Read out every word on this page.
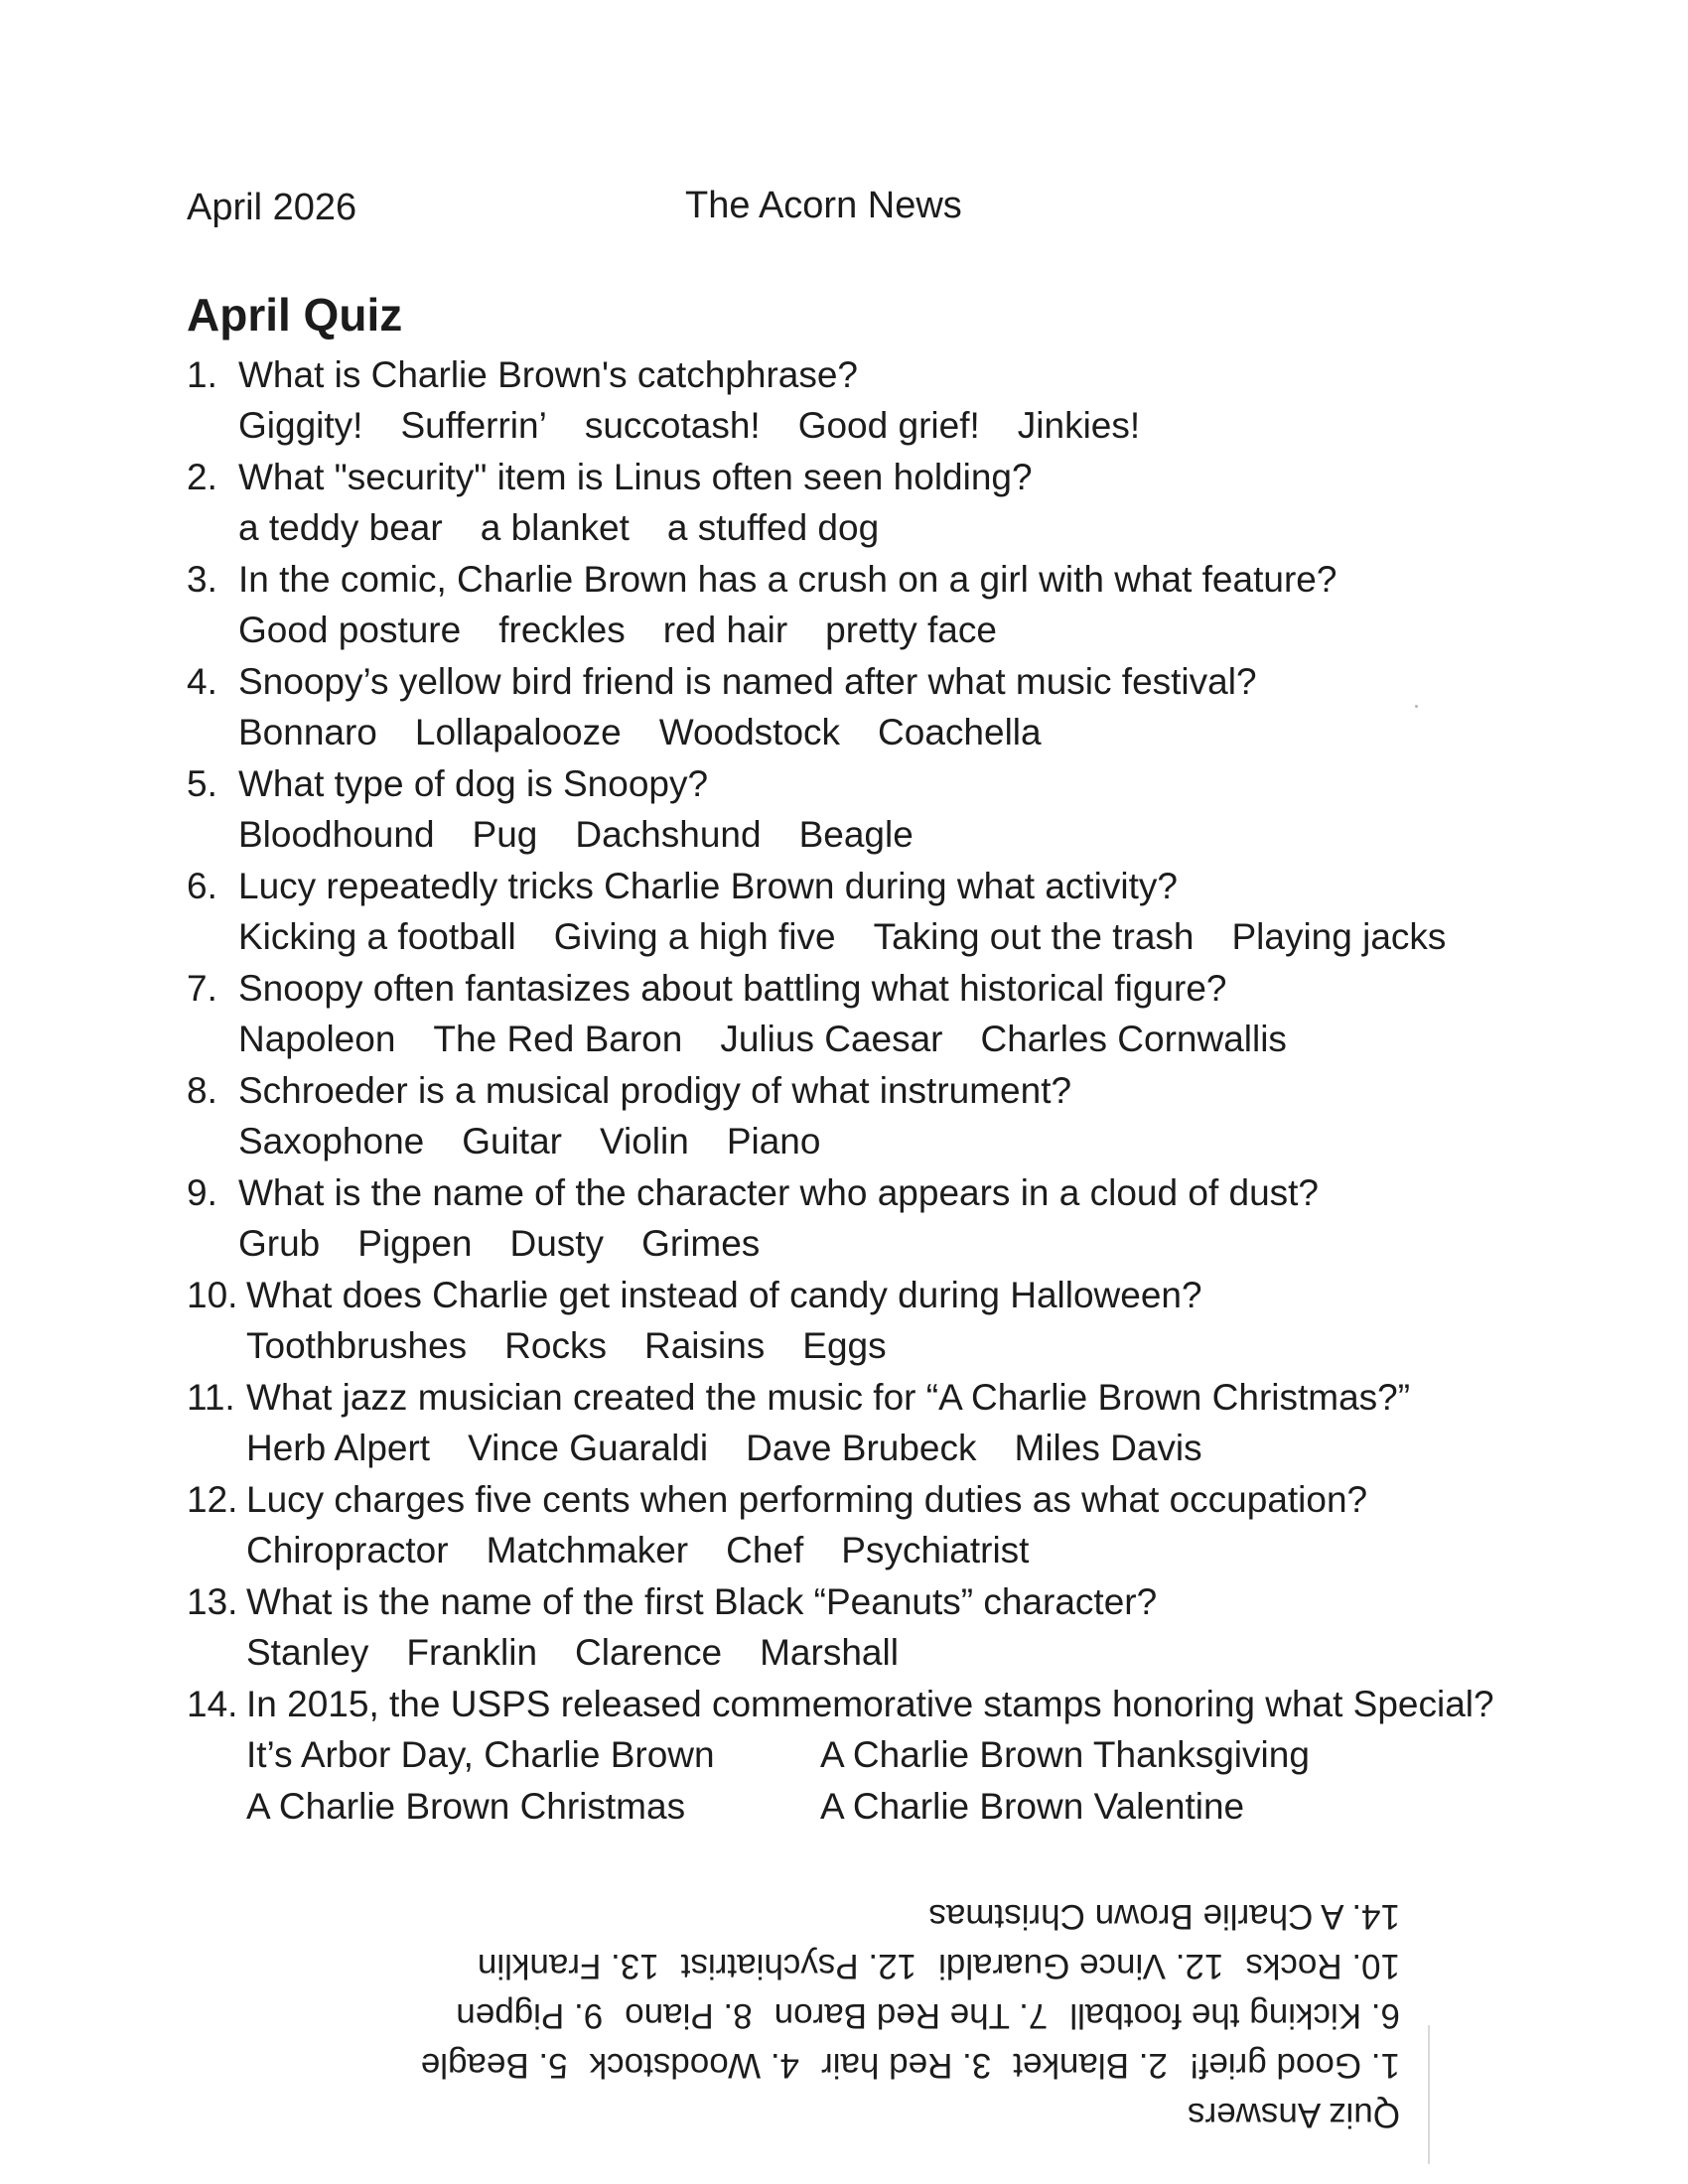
April 2026	The Acorn News
April Quiz
1. What is Charlie Brown's catchphrase?
Giggity! Sufferrin’ succotash! Good grief! Jinkies!
2. What "security" item is Linus often seen holding?
a teddy bear a blanket a stuffed dog
3. In the comic, Charlie Brown has a crush on a girl with what feature?
Good posture freckles red hair pretty face
4. Snoopy’s yellow bird friend is named after what music festival?
Bonnaro Lollapalooze Woodstock Coachella
5. What type of dog is Snoopy?
Bloodhound Pug Dachshund Beagle
6. Lucy repeatedly tricks Charlie Brown during what activity?
Kicking a football Giving a high five Taking out the trash Playing jacks
7. Snoopy often fantasizes about battling what historical figure?
Napoleon The Red Baron Julius Caesar Charles Cornwallis
8. Schroeder is a musical prodigy of what instrument?
Saxophone Guitar Violin Piano
9. What is the name of the character who appears in a cloud of dust?
Grub Pigpen Dusty Grimes
10. What does Charlie get instead of candy during Halloween?
Toothbrushes Rocks Raisins Eggs
11. What jazz musician created the music for “A Charlie Brown Christmas?”
Herb Alpert Vince Guaraldi Dave Brubeck Miles Davis
12. Lucy charges five cents when performing duties as what occupation?
Chiropractor Matchmaker Chef Psychiatrist
13. What is the name of the first Black “Peanuts” character?
Stanley Franklin Clarence Marshall
14. In 2015, the USPS released commemorative stamps honoring what Special?
It’s Arbor Day, Charlie Brown	A Charlie Brown Thanksgiving
A Charlie Brown Christmas	A Charlie Brown Valentine
Quiz Answers
1. Good grief!2. Blanket3. Red hair4. Woodstock5. Beagle
6. Kicking the football7. The Red Baron8. Piano9. Pigpen
10. Rocks12. Vince Guaraldi12. Psychiatrist13. Franklin
14. A Charlie Brown Christmas
